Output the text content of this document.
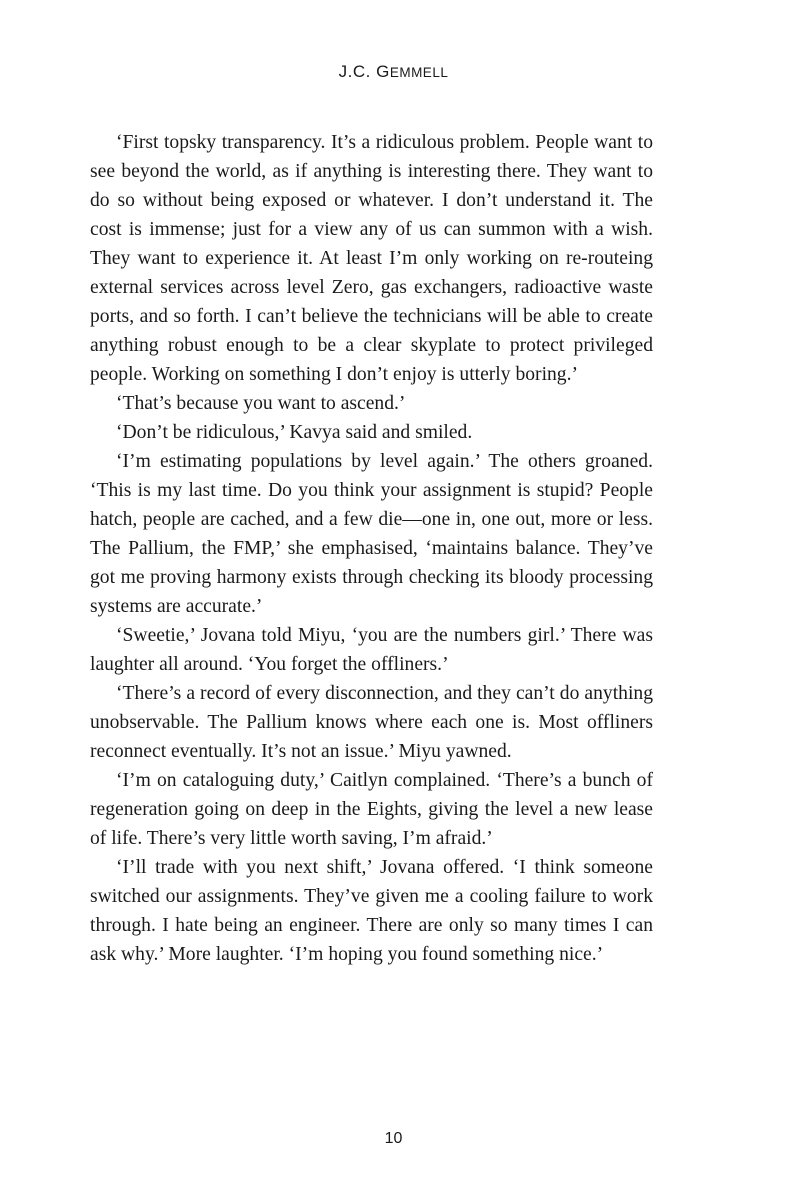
J.C. GEMMELL

‘First topsky transparency. It’s a ridiculous problem. People want to see beyond the world, as if anything is interesting there. They want to do so without being exposed or whatever. I don’t understand it. The cost is immense; just for a view any of us can summon with a wish. They want to experience it. At least I’m only working on re-routeing external services across level Zero, gas exchangers, radioactive waste ports, and so forth. I can’t believe the technicians will be able to create anything robust enough to be a clear skyplate to protect privileged people. Working on something I don’t enjoy is utterly boring.’

‘That’s because you want to ascend.’

‘Don’t be ridiculous,’ Kavya said and smiled.

‘I’m estimating populations by level again.’ The others groaned. ‘This is my last time. Do you think your assignment is stupid? People hatch, people are cached, and a few die—one in, one out, more or less. The Pallium, the FMP,’ she emphasised, ‘maintains balance. They’ve got me proving harmony exists through checking its bloody processing systems are accurate.’

‘Sweetie,’ Jovana told Miyu, ‘you are the numbers girl.’ There was laughter all around. ‘You forget the offliners.’

‘There’s a record of every disconnection, and they can’t do anything unobservable. The Pallium knows where each one is. Most offliners reconnect eventually. It’s not an issue.’ Miyu yawned.

‘I’m on cataloguing duty,’ Caitlyn complained. ‘There’s a bunch of regeneration going on deep in the Eights, giving the level a new lease of life. There’s very little worth saving, I’m afraid.’

‘I’ll trade with you next shift,’ Jovana offered. ‘I think someone switched our assignments. They’ve given me a cooling failure to work through. I hate being an engineer. There are only so many times I can ask why.’ More laughter. ‘I’m hoping you found something nice.’

10
